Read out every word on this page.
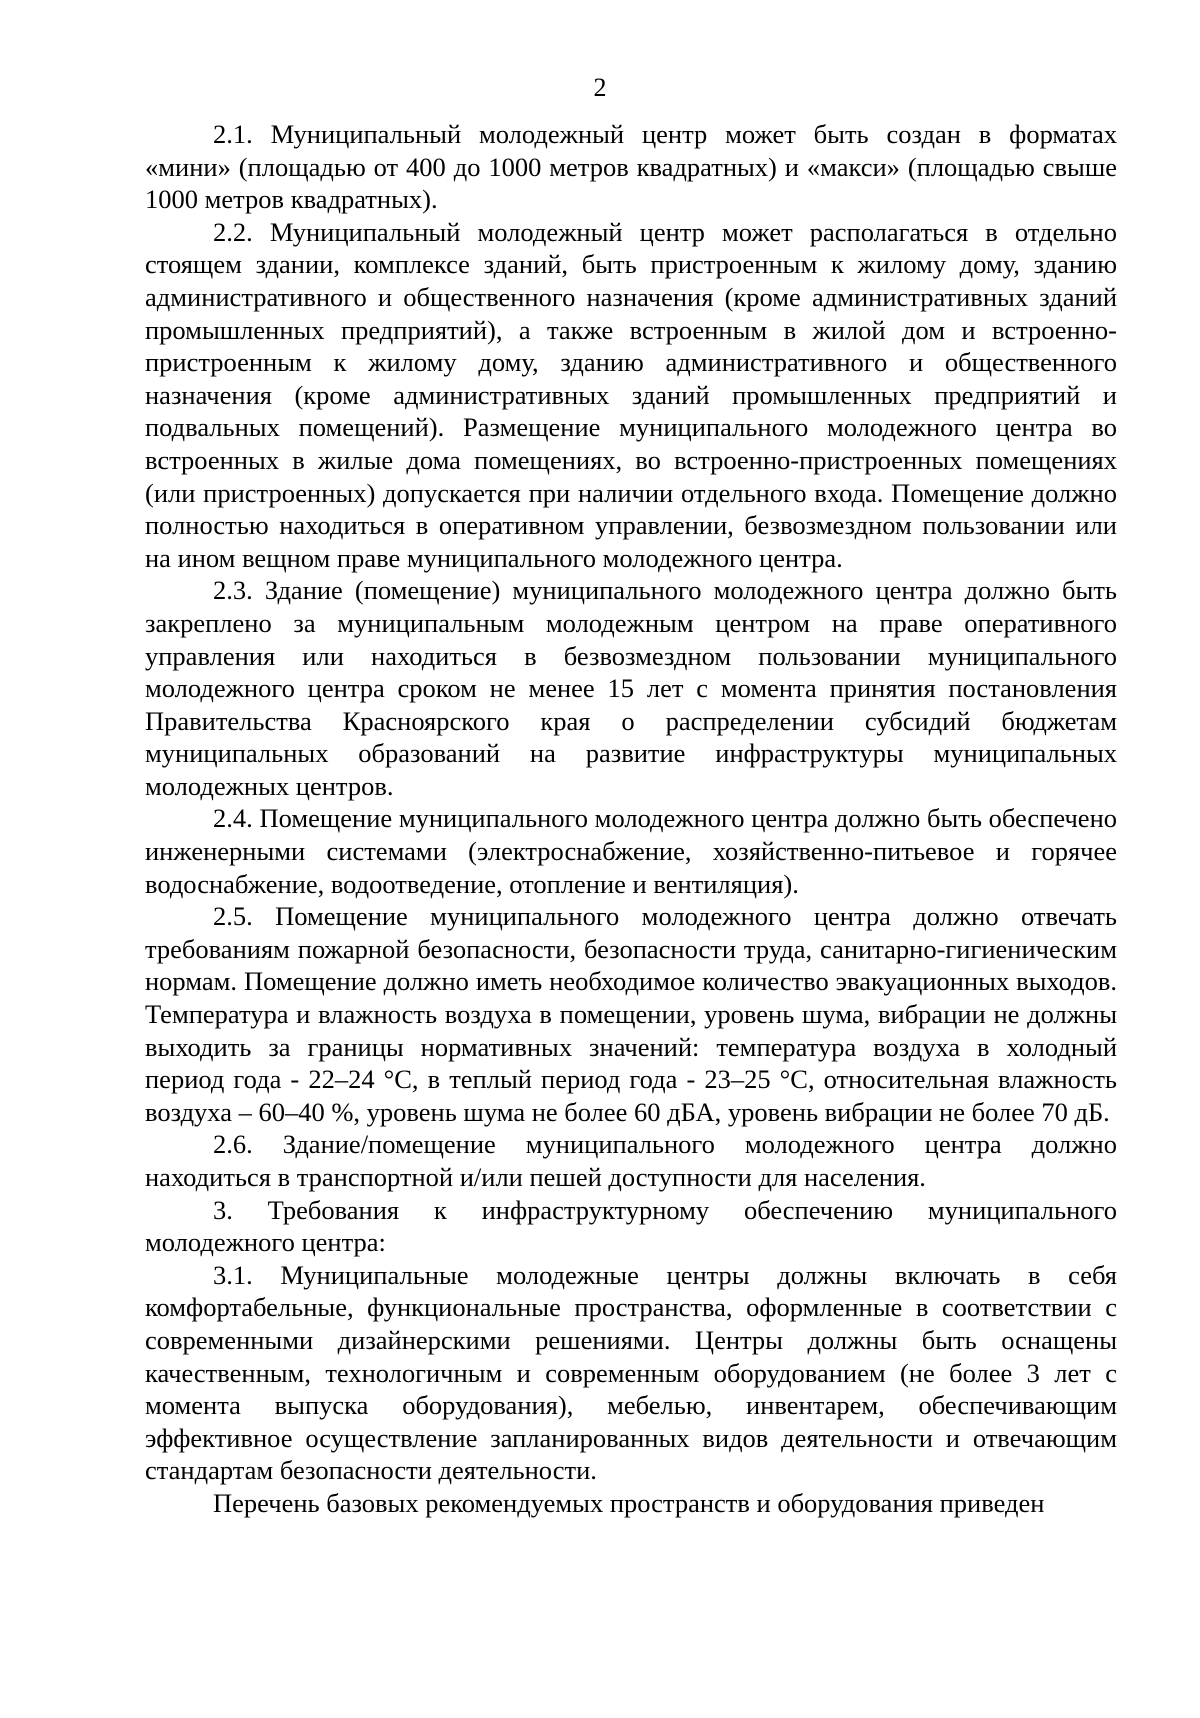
2

2.1. Муниципальный молодежный центр может быть создан в форматах «мини» (площадью от 400 до 1000 метров квадратных) и «макси» (площадью свыше 1000 метров квадратных).

2.2. Муниципальный молодежный центр может располагаться в отдельно стоящем здании, комплексе зданий, быть пристроенным к жилому дому, зданию административного и общественного назначения (кроме административных зданий промышленных предприятий), а также встроенным в жилой дом и встроенно-пристроенным к жилому дому, зданию административного и общественного назначения (кроме административных зданий промышленных предприятий и подвальных помещений). Размещение муниципального молодежного центра во встроенных в жилые дома помещениях, во встроенно-пристроенных помещениях (или пристроенных) допускается при наличии отдельного входа. Помещение должно полностью находиться в оперативном управлении, безвозмездном пользовании или на ином вещном праве муниципального молодежного центра.

2.3. Здание (помещение) муниципального молодежного центра должно быть закреплено за муниципальным молодежным центром на праве оперативного управления или находиться в безвозмездном пользовании муниципального молодежного центра сроком не менее 15 лет с момента принятия постановления Правительства Красноярского края о распределении субсидий бюджетам муниципальных образований на развитие инфраструктуры муниципальных молодежных центров.

2.4. Помещение муниципального молодежного центра должно быть обеспечено инженерными системами (электроснабжение, хозяйственно-питьевое и горячее водоснабжение, водоотведение, отопление и вентиляция).

2.5. Помещение муниципального молодежного центра должно отвечать требованиям пожарной безопасности, безопасности труда, санитарно-гигиеническим нормам. Помещение должно иметь необходимое количество эвакуационных выходов. Температура и влажность воздуха в помещении, уровень шума, вибрации не должны выходить за границы нормативных значений: температура воздуха в холодный период года - 22–24 °С, в теплый период года - 23–25 °С, относительная влажность воздуха – 60–40 %, уровень шума не более 60 дБА, уровень вибрации не более 70 дБ.

2.6. Здание/помещение муниципального молодежного центра должно находиться в транспортной и/или пешей доступности для населения.

3. Требования к инфраструктурному обеспечению муниципального молодежного центра:

3.1. Муниципальные молодежные центры должны включать в себя комфортабельные, функциональные пространства, оформленные в соответствии с современными дизайнерскими решениями. Центры должны быть оснащены качественным, технологичным и современным оборудованием (не более 3 лет с момента выпуска оборудования), мебелью, инвентарем, обеспечивающим эффективное осуществление запланированных видов деятельности и отвечающим стандартам безопасности деятельности.

Перечень базовых рекомендуемых пространств и оборудования приведен
